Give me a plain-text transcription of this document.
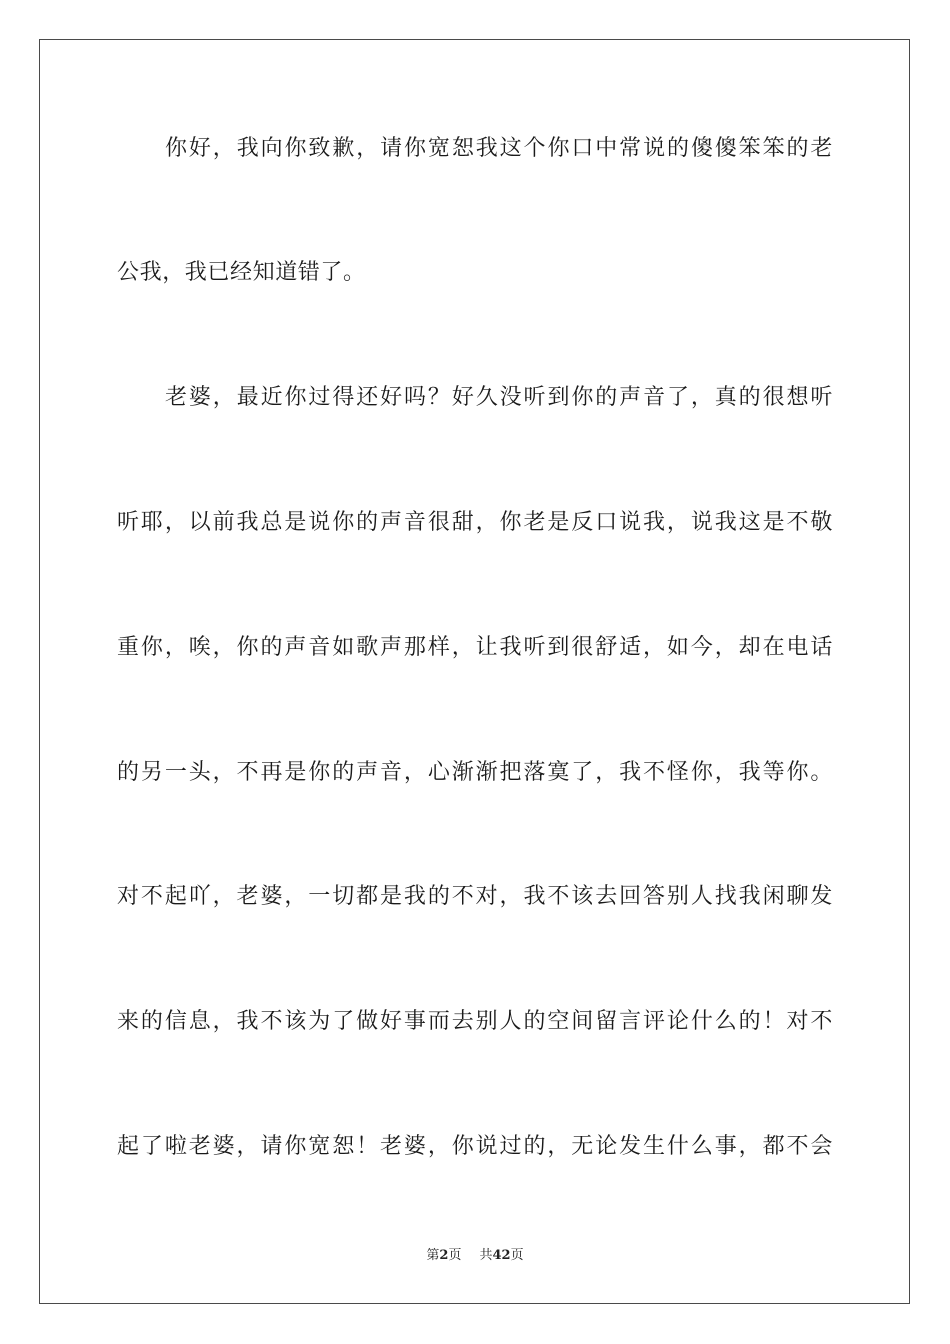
你好，我向你致歉，请你宽恕我这个你口中常说的傻傻笨笨的老
公我，我已经知道错了。
老婆，最近你过得还好吗？好久没听到你的声音了，真的很想听
听耶，以前我总是说你的声音很甜，你老是反口说我，说我这是不敬
重你，唉，你的声音如歌声那样，让我听到很舒适，如今，却在电话
的另一头，不再是你的声音，心渐渐把落寞了，我不怪你，我等你。
对不起吖，老婆，一切都是我的不对，我不该去回答别人找我闲聊发
来的信息，我不该为了做好事而去别人的空间留言评论什么的！对不
起了啦老婆，请你宽恕！老婆，你说过的，无论发生什么事，都不会
第2页 共42页
